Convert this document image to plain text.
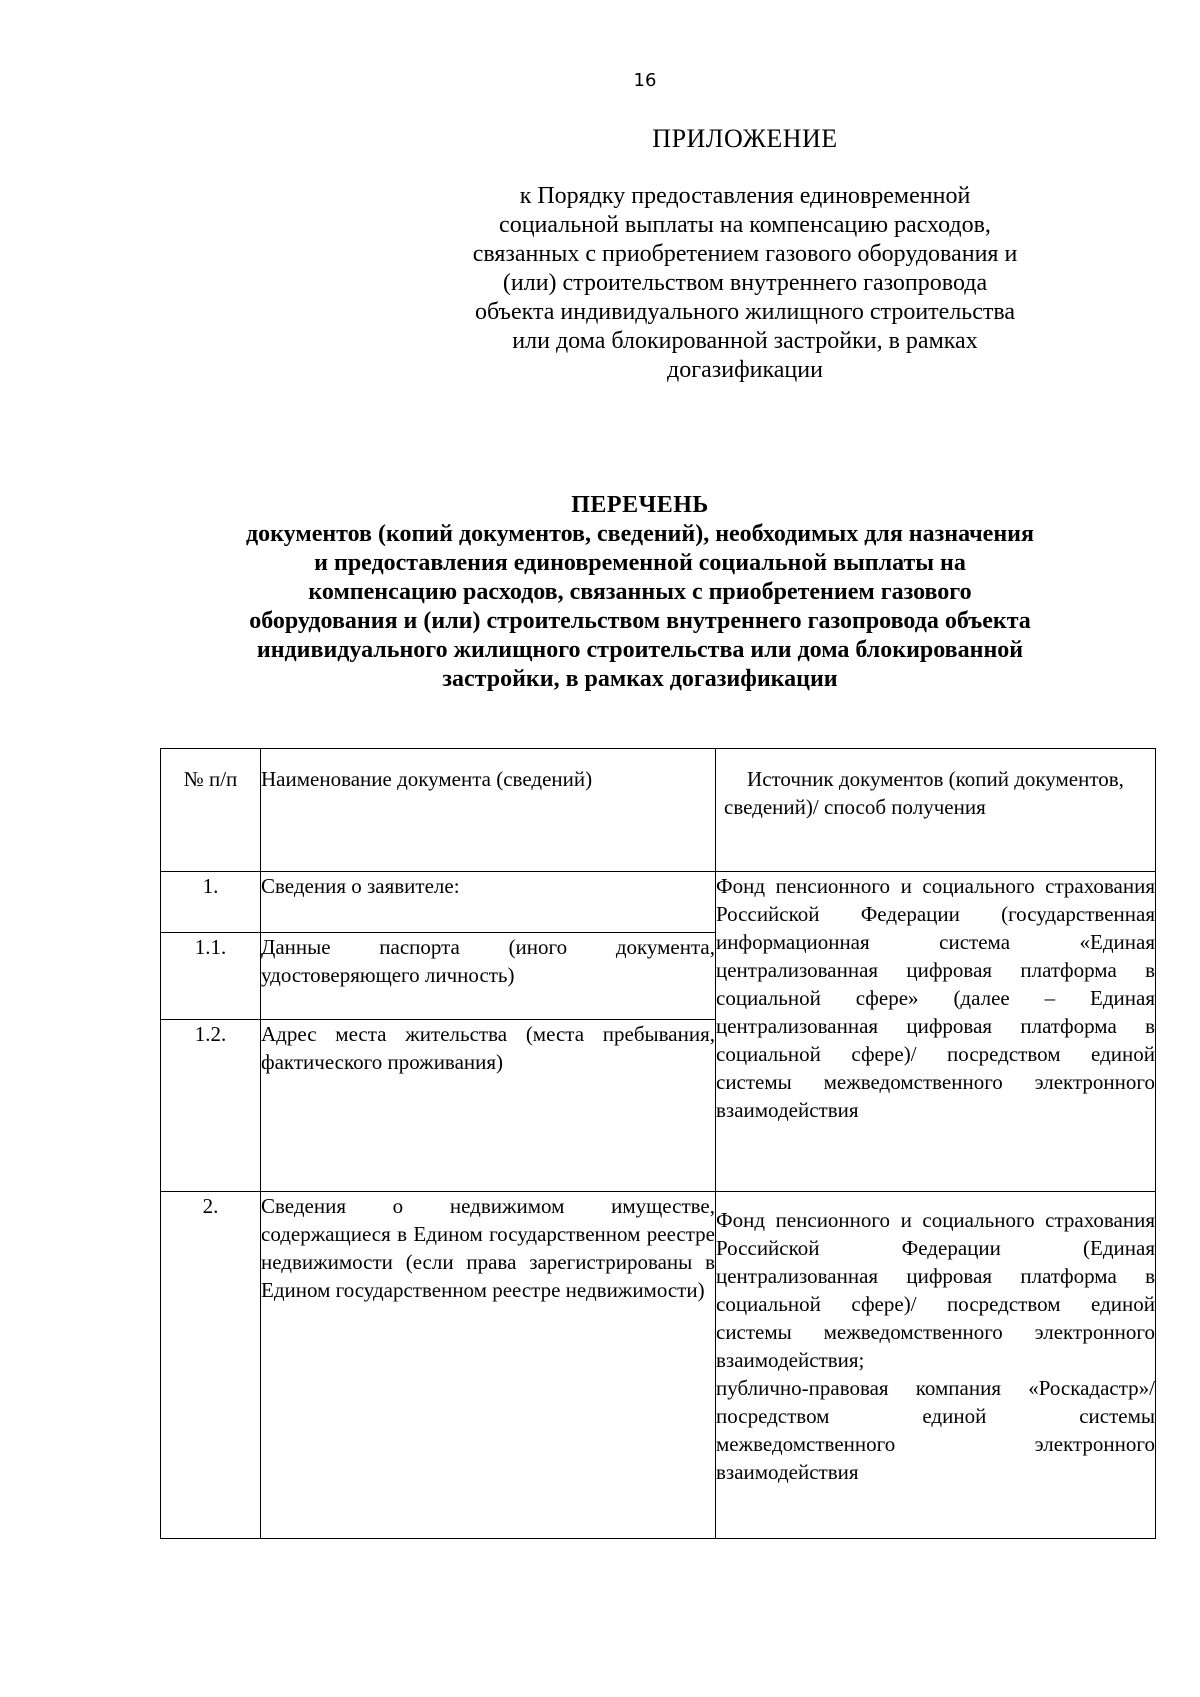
16
ПРИЛОЖЕНИЕ
к Порядку предоставления единовременной
социальной выплаты на компенсацию расходов,
связанных с приобретением газового оборудования и
(или) строительством внутреннего газопровода
объекта индивидуального жилищного строительства
или дома блокированной застройки, в рамках
догазификации
ПЕРЕЧЕНЬ
документов (копий документов, сведений), необходимых для назначения
и предоставления единовременной социальной выплаты на
компенсацию расходов, связанных с приобретением газового
оборудования и (или) строительством внутреннего газопровода объекта
индивидуального жилищного строительства или дома блокированной
застройки, в рамках догазификации
№ п/п	Наименование документа (сведений)	Источник документов (копий документов, сведений)/ способ получения
1.	Сведения о заявителе:	Фонд пенсионного и социального страхования Российской Федерации (государственная информационная система «Единая централизованная цифровая платформа в социальной сфере» (далее – Единая централизованная цифровая платформа в социальной сфере)/ посредством единой системы межведомственного электронного взаимодействия
1.1.	Данные паспорта (иного документа, удостоверяющего личность)	
1.2.	Адрес места жительства (места пребывания, фактического проживания)	
2.	Сведения о недвижимом имуществе, содержащиеся в Едином государственном реестре недвижимости (если права зарегистрированы в Едином государственном реестре недвижимости)	Фонд пенсионного и социального страхования Российской Федерации (Единая централизованная цифровая платформа в социальной сфере)/ посредством единой системы межведомственного электронного взаимодействия;
публично-правовая компания «Роскадастр»/ посредством единой системы межведомственного электронного взаимодействия
